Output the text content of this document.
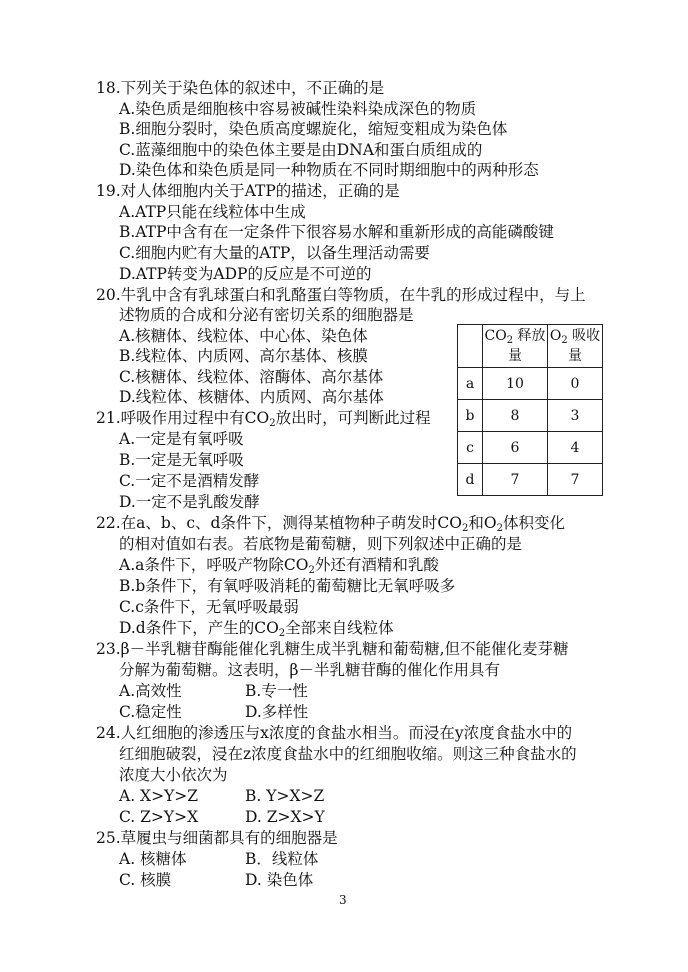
18.下列关于染色体的叙述中，不正确的是
A.染色质是细胞核中容易被碱性染料染成深色的物质
B.细胞分裂时，染色质高度螺旋化，缩短变粗成为染色体
C.蓝藻细胞中的染色体主要是由DNA和蛋白质组成的
D.染色体和染色质是同一种物质在不同时期细胞中的两种形态
19.对人体细胞内关于ATP的描述，正确的是
A.ATP只能在线粒体中生成
B.ATP中含有在一定条件下很容易水解和重新形成的高能磷酸键
C.细胞内贮有大量的ATP，以备生理活动需要
D.ATP转变为ADP的反应是不可逆的
20.牛乳中含有乳球蛋白和乳酪蛋白等物质，在牛乳的形成过程中，与上
述物质的合成和分泌有密切关系的细胞器是
A.核糖体、线粒体、中心体、染色体
B.线粒体、内质网、高尔基体、核膜
C.核糖体、线粒体、溶酶体、高尔基体
D.线粒体、核糖体、内质网、高尔基体
21.呼吸作用过程中有$CO_2$放出时，可判断此过程
A.一定是有氧呼吸
B.一定是无氧呼吸
C.一定不是酒精发酵
D.一定不是乳酸发酵
	$CO_2$ 释放量	$O_2$ 吸收量
a	10	0
b	8	3
c	6	4
d	7	7
22.在a、b、c、d条件下，测得某植物种子萌发时$CO_2$和$O_2$体积变化
的相对值如右表。若底物是葡萄糖，则下列叙述中正确的是
A.a条件下，呼吸产物除$CO_2$外还有酒精和乳酸
B.b条件下，有氧呼吸消耗的葡萄糖比无氧呼吸多
C.c条件下，无氧呼吸最弱
D.d条件下，产生的$CO_2$全部来自线粒体
23.β－半乳糖苷酶能催化乳糖生成半乳糖和葡萄糖,但不能催化麦芽糖
分解为葡萄糖。这表明，β－半乳糖苷酶的催化作用具有
A.高效性	B.专一性
C.稳定性	D.多样性
24.人红细胞的渗透压与x浓度的食盐水相当。而浸在y浓度食盐水中的
红细胞破裂，浸在z浓度食盐水中的红细胞收缩。则这三种食盐水的
浓度大小依次为
A. X>Y>Z	B. Y>X>Z
C. Z>Y>X	D. Z>X>Y
25.草履虫与细菌都具有的细胞器是
A. 核糖体	B．线粒体
C. 核膜	D. 染色体
3
